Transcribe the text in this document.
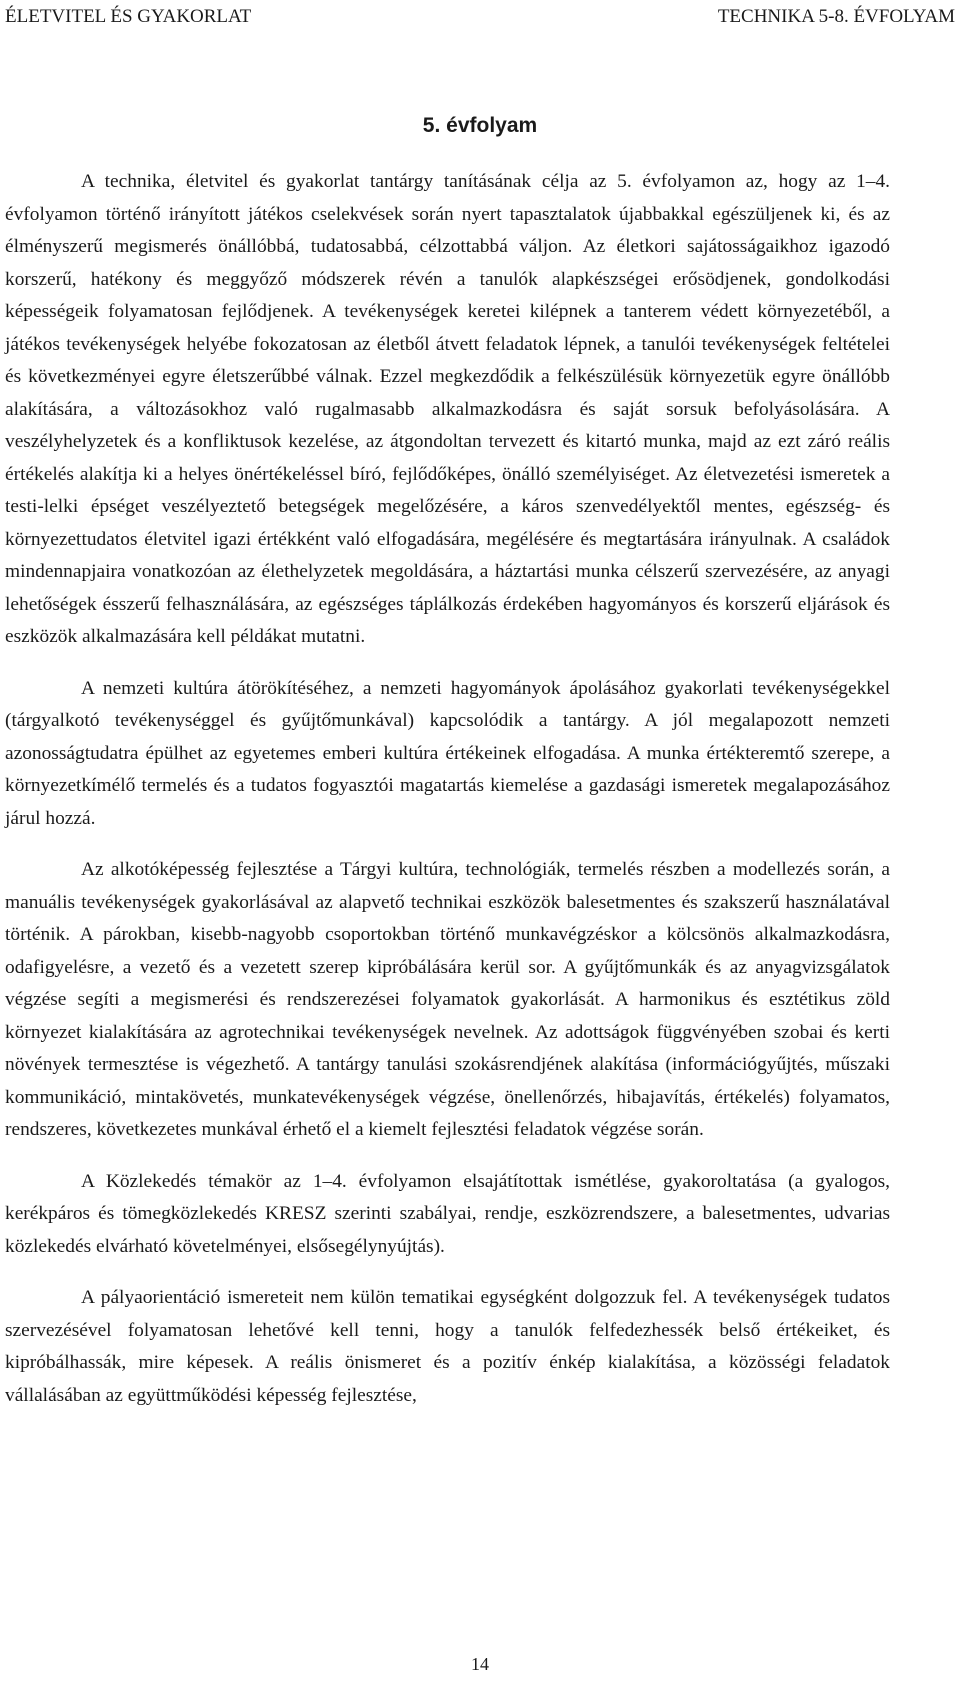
ÉLETVITEL ÉS GYAKORLAT	TECHNIKA 5-8. ÉVFOLYAM
5. évfolyam

A technika, életvitel és gyakorlat tantárgy tanításának célja az 5. évfolyamon az, hogy az 1–4. évfolyamon történő irányított játékos cselekvések során nyert tapasztalatok újabbakkal egészüljenek ki, és az élményszerű megismerés önállóbbá, tudatosabbá, célzottabbá váljon. Az életkori sajátosságaikhoz igazodó korszerű, hatékony és meggyőző módszerek révén a tanulók alapkészségei erősödjenek, gondolkodási képességeik folyamatosan fejlődjenek. A tevékenységek keretei kilépnek a tanterem védett környezetéből, a játékos tevékenységek helyébe fokozatosan az életből átvett feladatok lépnek, a tanulói tevékenységek feltételei és következményei egyre életszerűbbé válnak. Ezzel megkezdődik a felkészülésük környezetük egyre önállóbb alakítására, a változásokhoz való rugalmasabb alkalmazkodásra és saját sorsuk befolyásolására. A veszélyhelyzetek és a konfliktusok kezelése, az átgondoltan tervezett és kitartó munka, majd az ezt záró reális értékelés alakítja ki a helyes önértékeléssel bíró, fejlődőképes, önálló személyiséget. Az életvezetési ismeretek a testi-lelki épséget veszélyeztető betegségek megelőzésére, a káros szenvedélyektől mentes, egészség- és környezettudatos életvitel igazi értékként való elfogadására, megélésére és megtartására irányulnak. A családok mindennapjaira vonatkozóan az élethelyzetek megoldására, a háztartási munka célszerű szervezésére, az anyagi lehetőségek ésszerű felhasználására, az egészséges táplálkozás érdekében hagyományos és korszerű eljárások és eszközök alkalmazására kell példákat mutatni.

A nemzeti kultúra átörökítéséhez, a nemzeti hagyományok ápolásához gyakorlati tevékenységekkel (tárgyalkotó tevékenységgel és gyűjtőmunkával) kapcsolódik a tantárgy. A jól megalapozott nemzeti azonosságtudatra épülhet az egyetemes emberi kultúra értékeinek elfogadása. A munka értékteremtő szerepe, a környezetkímélő termelés és a tudatos fogyasztói magatartás kiemelése a gazdasági ismeretek megalapozásához járul hozzá.

Az alkotóképesség fejlesztése a Tárgyi kultúra, technológiák, termelés részben a modellezés során, a manuális tevékenységek gyakorlásával az alapvető technikai eszközök balesetmentes és szakszerű használatával történik. A párokban, kisebb-nagyobb csoportokban történő munkavégzéskor a kölcsönös alkalmazkodásra, odafigyelésre, a vezető és a vezetett szerep kipróbálására kerül sor. A gyűjtőmunkák és az anyagvizsgálatok végzése segíti a megismerési és rendszerezései folyamatok gyakorlását. A harmonikus és esztétikus zöld környezet kialakítására az agrotechnikai tevékenységek nevelnek. Az adottságok függvényében szobai és kerti növények termesztése is végezhető. A tantárgy tanulási szokásrendjének alakítása (információgyűjtés, műszaki kommunikáció, mintakövetés, munkatevékenységek végzése, önellenőrzés, hibajavítás, értékelés) folyamatos, rendszeres, következetes munkával érhető el a kiemelt fejlesztési feladatok végzése során.

A Közlekedés témakör az 1–4. évfolyamon elsajátítottak ismétlése, gyakoroltatása (a gyalogos, kerékpáros és tömegközlekedés KRESZ szerinti szabályai, rendje, eszközrendszere, a balesetmentes, udvarias közlekedés elvárható követelményei, elsősegélynyújtás).

A pályaorientáció ismereteit nem külön tematikai egységként dolgozzuk fel. A tevékenységek tudatos szervezésével folyamatosan lehetővé kell tenni, hogy a tanulók felfedezhessék belső értékeiket, és kipróbálhassák, mire képesek. A reális önismeret és a pozitív énkép kialakítása, a közösségi feladatok vállalásában az együttműködési képesség fejlesztése,

14
